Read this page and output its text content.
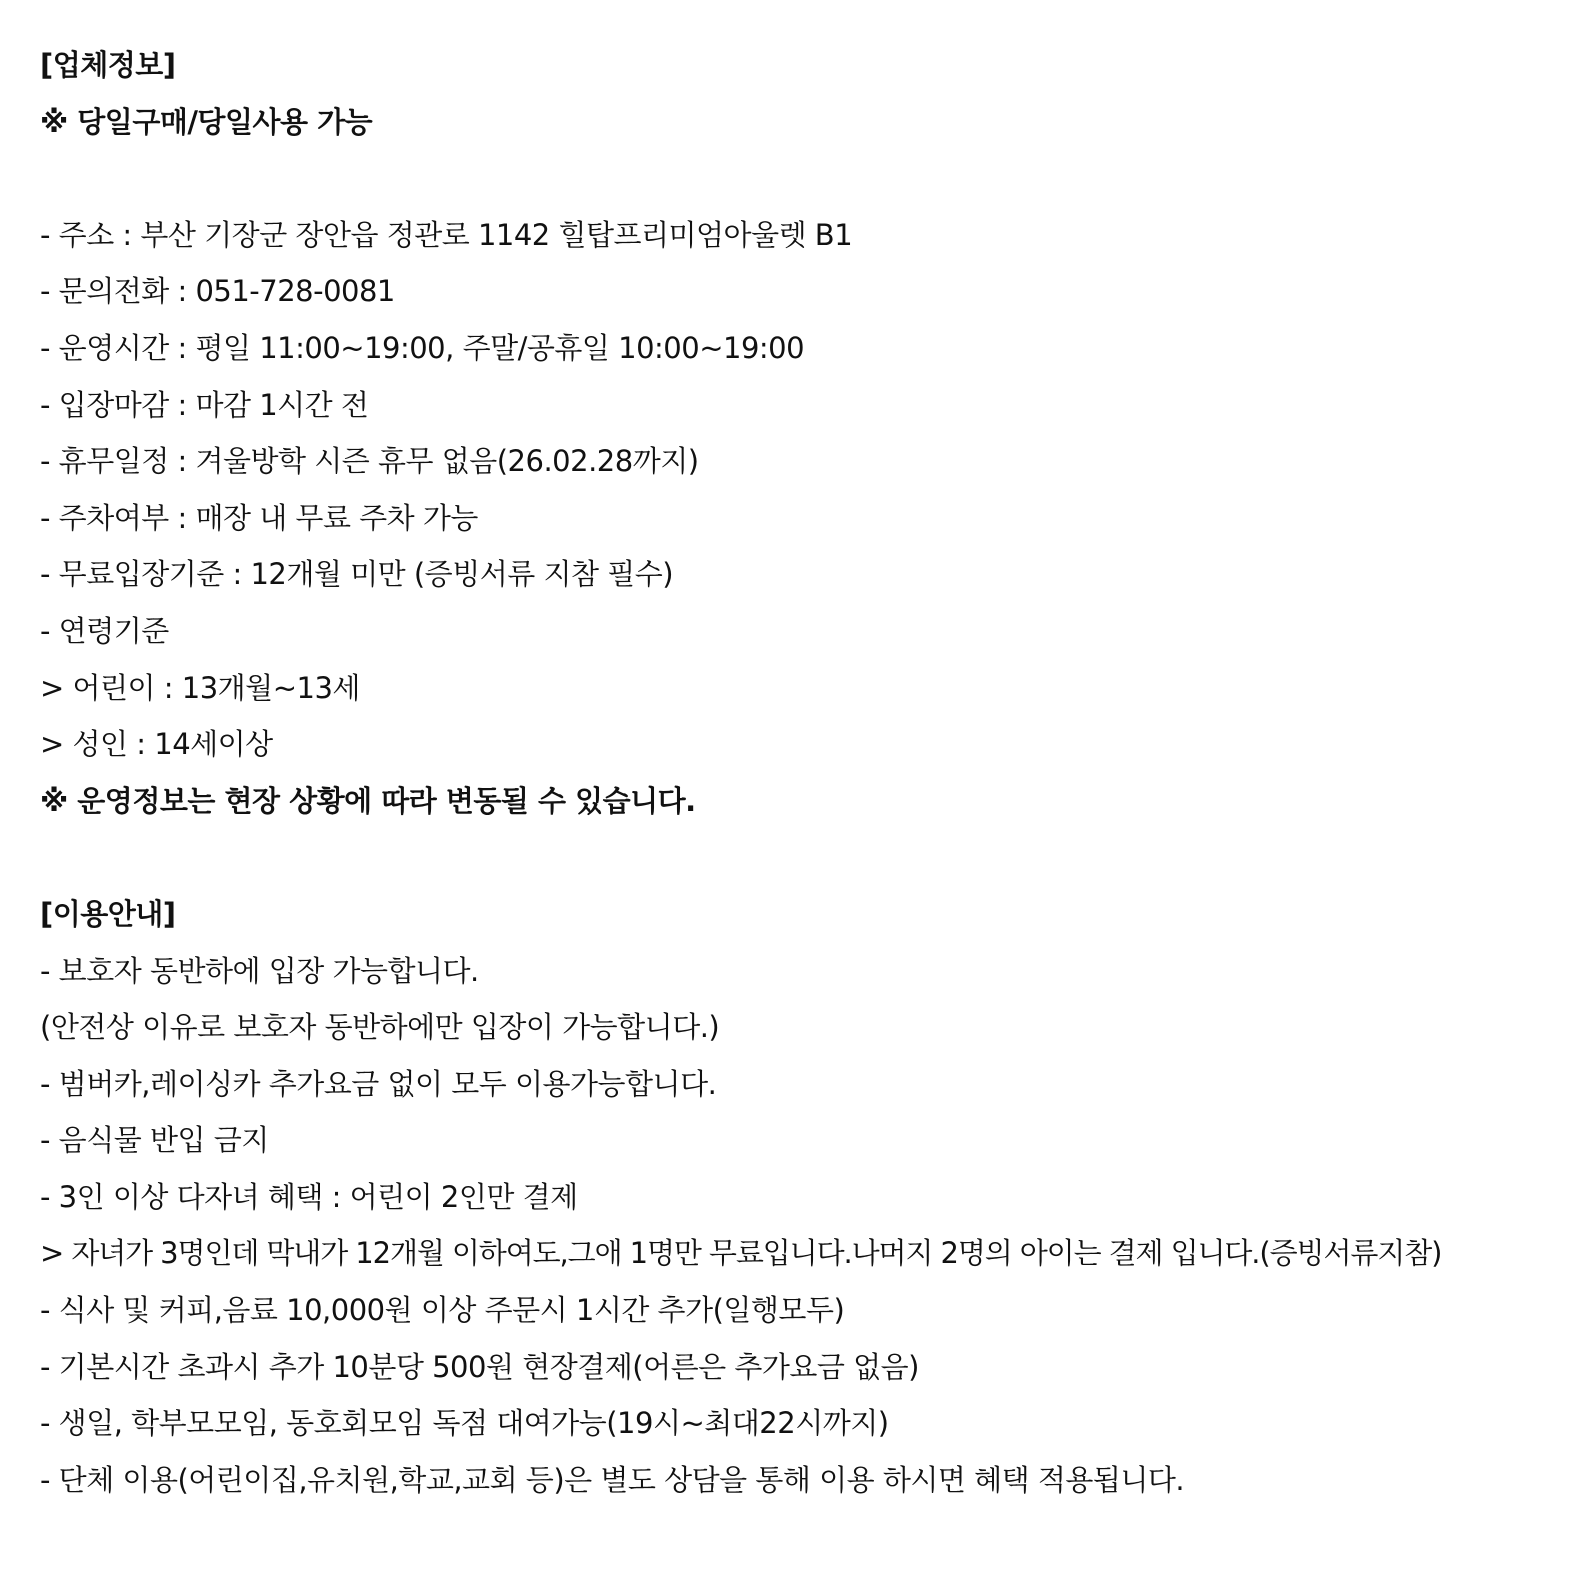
[업체정보]
※ 당일구매/당일사용 가능
- 주소 : 부산 기장군 장안읍 정관로 1142 힐탑프리미엄아울렛 B1
- 문의전화 : 051-728-0081
- 운영시간 : 평일 11:00~19:00, 주말/공휴일 10:00~19:00
- 입장마감 : 마감 1시간 전
- 휴무일정 : 겨울방학 시즌 휴무 없음(26.02.28까지)
- 주차여부 : 매장 내 무료 주차 가능
- 무료입장기준 : 12개월 미만 (증빙서류 지참 필수)
- 연령기준
> 어린이 : 13개월~13세
> 성인 : 14세이상
※ 운영정보는 현장 상황에 따라 변동될 수 있습니다.
[이용안내]
- 보호자 동반하에 입장 가능합니다.
(안전상 이유로 보호자 동반하에만 입장이 가능합니다.)
- 범버카,레이싱카 추가요금 없이 모두 이용가능합니다.
- 음식물 반입 금지
- 3인 이상 다자녀 혜택 : 어린이 2인만 결제
> 자녀가 3명인데 막내가 12개월 이하여도,그애 1명만 무료입니다.나머지 2명의 아이는 결제 입니다.(증빙서류지참)
- 식사 및 커피,음료 10,000원 이상 주문시 1시간 추가(일행모두)
- 기본시간 초과시 추가 10분당 500원 현장결제(어른은 추가요금 없음)
- 생일, 학부모모임, 동호회모임 독점 대여가능(19시~최대22시까지)
- 단체 이용(어린이집,유치원,학교,교회 등)은 별도 상담을 통해 이용 하시면 혜택 적용됩니다.
